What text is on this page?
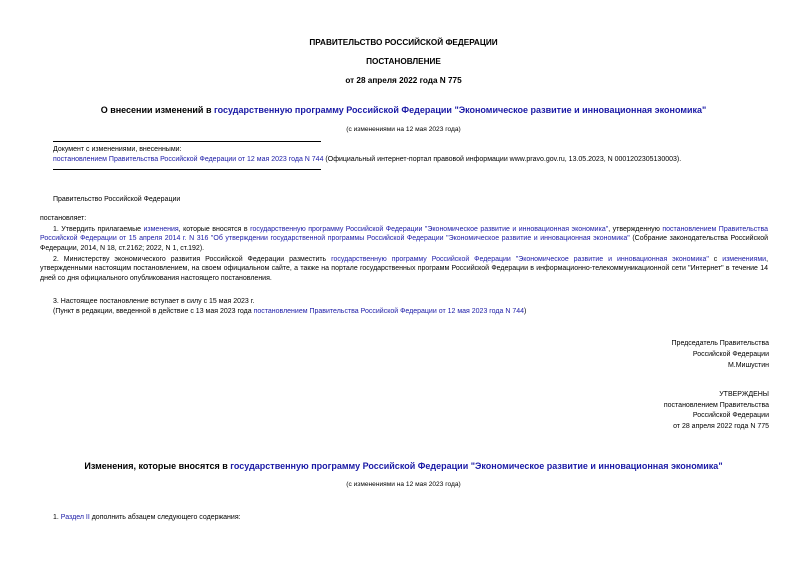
ПРАВИТЕЛЬСТВО РОССИЙСКОЙ ФЕДЕРАЦИИ
ПОСТАНОВЛЕНИЕ
от 28 апреля 2022 года N 775
О внесении изменений в государственную программу Российской Федерации "Экономическое развитие и инновационная экономика"
(с изменениями на 12 мая 2023 года)
Документ с изменениями, внесенными:
постановлением Правительства Российской Федерации от 12 мая 2023 года N 744 (Официальный интернет-портал правовой информации www.pravo.gov.ru, 13.05.2023, N 0001202305130003).
Правительство Российской Федерации
постановляет:
1. Утвердить прилагаемые изменения, которые вносятся в государственную программу Российской Федерации "Экономическое развитие и инновационная экономика", утвержденную постановлением Правительства Российской Федерации от 15 апреля 2014 г. N 316 "Об утверждении государственной программы Российской Федерации "Экономическое развитие и инновационная экономика" (Собрание законодательства Российской Федерации, 2014, N 18, ст.2162; 2022, N 1, ст.192).
2. Министерству экономического развития Российской Федерации разместить государственную программу Российской Федерации "Экономическое развитие и инновационная экономика" с изменениями, утвержденными настоящим постановлением, на своем официальном сайте, а также на портале государственных программ Российской Федерации в информационно-телекоммуникационной сети "Интернет" в течение 14 дней со дня официального опубликования настоящего постановления.
3. Настоящее постановление вступает в силу с 15 мая 2023 г.
(Пункт в редакции, введенной в действие с 13 мая 2023 года постановлением Правительства Российской Федерации от 12 мая 2023 года N 744)
Председатель Правительства
Российской Федерации
М.Мишустин
УТВЕРЖДЕНЫ
постановлением Правительства
Российской Федерации
от 28 апреля 2022 года N 775
Изменения, которые вносятся в государственную программу Российской Федерации "Экономическое развитие и инновационная экономика"
(с изменениями на 12 мая 2023 года)
1. Раздел II дополнить абзацем следующего содержания:
